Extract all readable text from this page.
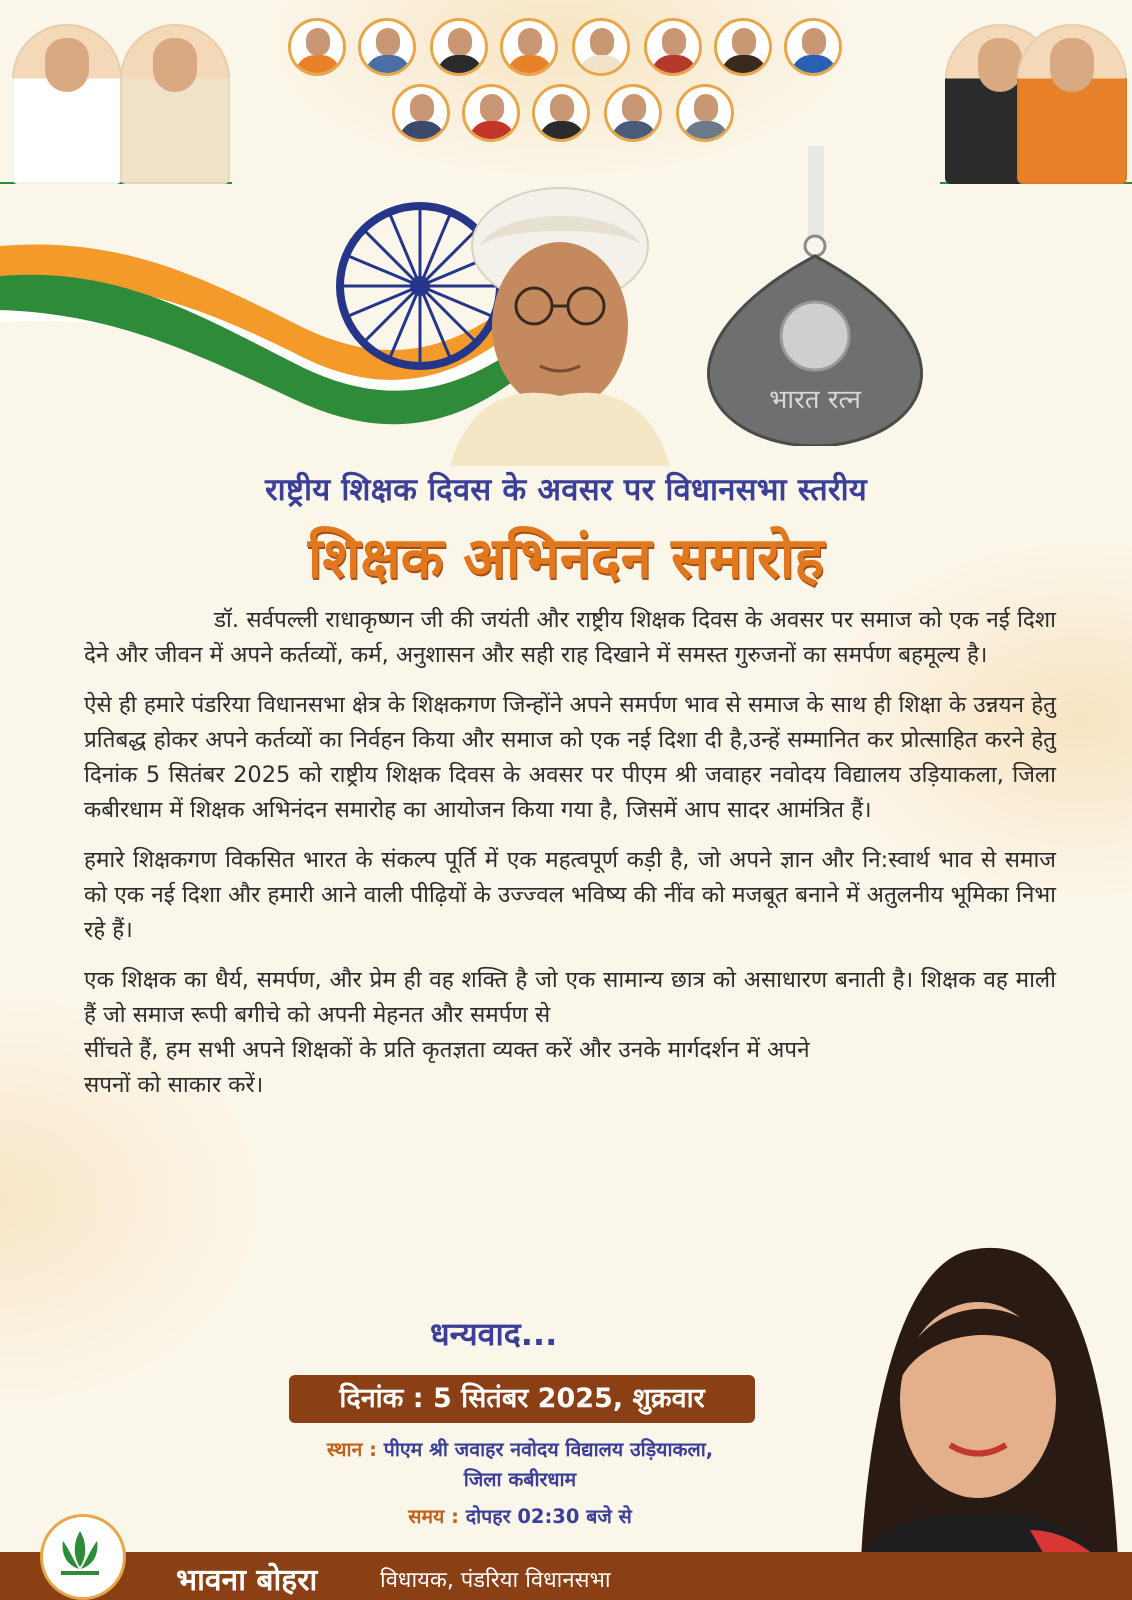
भारत रत्न
राष्ट्रीय शिक्षक दिवस के अवसर पर विधानसभा स्तरीय
शिक्षक अभिनंदन समारोह

डॉ. सर्वपल्ली राधाकृष्णन जी की जयंती और राष्ट्रीय शिक्षक दिवस के अवसर पर समाज को एक नई दिशा देने और जीवन में अपने कर्तव्यों, कर्म, अनुशासन और सही राह दिखाने में समस्त गुरुजनों का समर्पण बहमूल्य है।

ऐसे ही हमारे पंडरिया विधानसभा क्षेत्र के शिक्षकगण जिन्होंने अपने समर्पण भाव से समाज के साथ ही शिक्षा के उन्नयन हेतु प्रतिबद्ध होकर अपने कर्तव्यों का निर्वहन किया और समाज को एक नई दिशा दी है,उन्हें सम्मानित कर प्रोत्साहित करने हेतु दिनांक 5 सितंबर 2025 को राष्ट्रीय शिक्षक दिवस के अवसर पर पीएम श्री जवाहर नवोदय विद्यालय उड़ियाकला, जिला कबीरधाम में शिक्षक अभिनंदन समारोह का आयोजन किया गया है, जिसमें आप सादर आमंत्रित हैं।

हमारे शिक्षकगण विकसित भारत के संकल्प पूर्ति में एक महत्वपूर्ण कड़ी है, जो अपने ज्ञान और नि:स्वार्थ भाव से समाज को एक नई दिशा और हमारी आने वाली पीढ़ियों के उज्ज्वल भविष्य की नींव को मजबूत बनाने में अतुलनीय भूमिका निभा रहे हैं।

एक शिक्षक का धैर्य, समर्पण, और प्रेम ही वह शक्ति है जो एक सामान्य छात्र को असाधारण बनाती है। शिक्षक वह माली हैं जो समाज रूपी बगीचे को अपनी मेहनत और समर्पण से

सींचते हैं, हम सभी अपने शिक्षकों के प्रति कृतज्ञता व्यक्त करें और उनके मार्गदर्शन में अपने सपनों को साकार करें।

धन्यवाद...
दिनांक : 5 सितंबर 2025, शुक्रवार
स्थान : पीएम श्री जवाहर नवोदय विद्यालय उड़ियाकला,
जिला कबीरधाम
समय : दोपहर 02:30 बजे से
भावना बोहरा	विधायक, पंडरिया विधानसभा
